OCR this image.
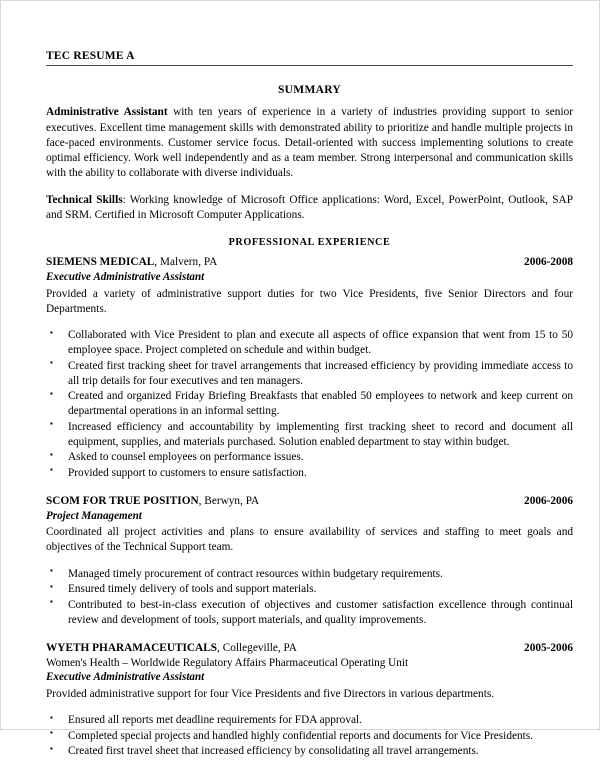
TEC RESUME A
SUMMARY

Administrative Assistant with ten years of experience in a variety of industries providing support to senior executives. Excellent time management skills with demonstrated ability to prioritize and handle multiple projects in face-paced environments. Customer service focus. Detail-oriented with success implementing solutions to create optimal efficiency. Work well independently and as a team member. Strong interpersonal and communication skills with the ability to collaborate with diverse individuals.

Technical Skills: Working knowledge of Microsoft Office applications: Word, Excel, PowerPoint, Outlook, SAP and SRM. Certified in Microsoft Computer Applications.

PROFESSIONAL EXPERIENCE
SIEMENS MEDICAL, Malvern, PA	2006-2008
Executive Administrative Assistant

Provided a variety of administrative support duties for two Vice Presidents, five Senior Directors and four Departments.

▪ Collaborated with Vice President to plan and execute all aspects of office expansion that went from 15 to 50 employee space. Project completed on schedule and within budget.
▪ Created first tracking sheet for travel arrangements that increased efficiency by providing immediate access to all trip details for four executives and ten managers.
▪ Created and organized Friday Briefing Breakfasts that enabled 50 employees to network and keep current on departmental operations in an informal setting.
▪ Increased efficiency and accountability by implementing first tracking sheet to record and document all equipment, supplies, and materials purchased. Solution enabled department to stay within budget.
▪ Asked to counsel employees on performance issues.
▪ Provided support to customers to ensure satisfaction.
SCOM FOR TRUE POSITION, Berwyn, PA	2006-2006
Project Management

Coordinated all project activities and plans to ensure availability of services and staffing to meet goals and objectives of the Technical Support team.

▪ Managed timely procurement of contract resources within budgetary requirements.
▪ Ensured timely delivery of tools and support materials.
▪ Contributed to best-in-class execution of objectives and customer satisfaction excellence through continual review and development of tools, support materials, and quality improvements.
WYETH PHARAMACEUTICALS, Collegeville, PA	2005-2006
Women's Health – Worldwide Regulatory Affairs Pharmaceutical Operating Unit
Executive Administrative Assistant

Provided administrative support for four Vice Presidents and five Directors in various departments.

▪ Ensured all reports met deadline requirements for FDA approval.
▪ Completed special projects and handled highly confidential reports and documents for Vice Presidents.
▪ Created first travel sheet that increased efficiency by consolidating all travel arrangements.
